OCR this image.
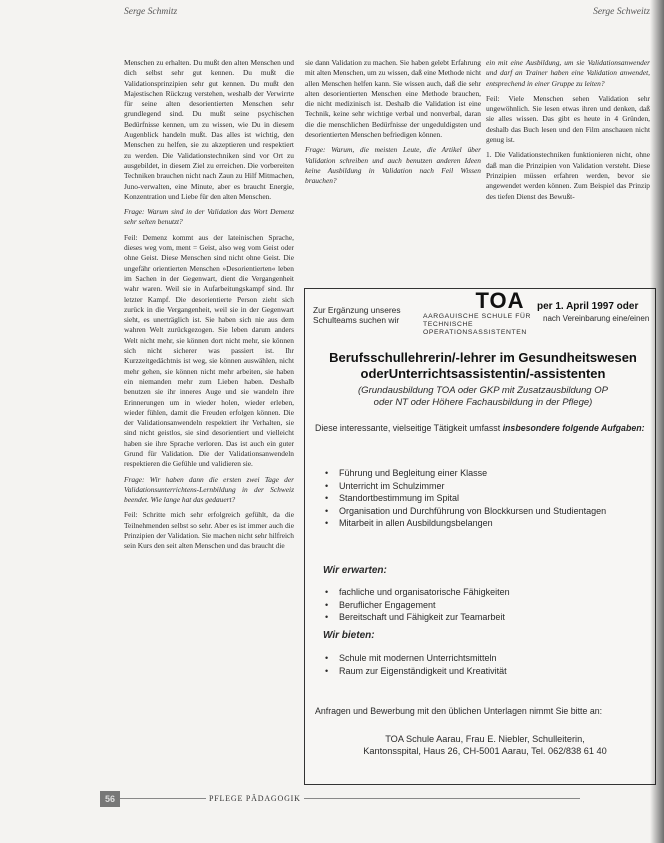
Serge Schmitz	Serge Schweitz

Menschen zu erhalten. Du mußt den alten Menschen und dich selbst sehr gut kennen. Du mußt die Validationsprinzipien sehr gut kennen. Du mußt den Majestischen Rückzug verstehen, weshalb der Verwirrte für seine alten desorientierten Menschen sehr grundlegend sind. Du mußt seine psychischen Bedürfnisse kennen, um zu wissen, wie Du in diesem Augenblick handeln mußt. Das alles ist wichtig, den Menschen zu helfen, sie zu akzeptieren und respektiert zu werden. Die Validationstechniken sind vor Ort zu ausgebildet, in diesem Ziel zu erreichen. Die vorbereiten Techniken brauchen nicht nach Zaun zu Hilf Mitmachen, Juno-verwalten, eine Minute, aber es braucht Energie, Konzentration und Liebe für den alten Menschen.

Frage: Warum sind in der Validation das Wort Demenz sehr selten benutzt?

Feil: Demenz kommt aus der lateinischen Sprache, dieses weg vom, ment = Geist, also weg vom Geist oder ohne Geist. Diese Menschen sind nicht ohne Geist. Die ungefähr orientierten Menschen »Desorientierten« leben im Sachen in der Gegenwart, dient die Vergangenheit wahr waren. Weil sie in Aufarbeitungskampf sind. Ihr letzter Kampf. Die desorientierte Person zieht sich zurück in die Vergangenheit, weil sie in der Gegenwart sieht, es unerträglich ist. Sie haben sich nie aus dem wahren Welt zurückgezogen. Sie leben darum anders Welt nicht mehr, sie können dort nicht mehr, sie können sich nicht sicherer was passiert ist. Ihr Kurzzeitgedächtnis ist weg, sie können auswählen, nicht mehr gehen, sie können nicht mehr arbeiten, sie haben ein niemanden mehr zum Lieben haben. Deshalb benutzen sie ihr inneres Auge und sie wandeln ihre Erinnerungen um in wieder holen, wieder erleben, wieder fühlen, damit die Freuden erfolgen können. Die der Validationsanwendeln respektiert ihr Verhalten, sie sind nicht geistlos, sie sind desorientiert und vielleicht haben sie ihre Sprache verloren. Das ist auch ein guter Grund für Validation. Die der Validationsanwendeln respektieren die Gefühle und validieren sie.

Frage: Wir haben dann die ersten zwei Tage der Validationsunterrichtens-Lernbildung in der Schweiz beendet. Wie lange hat das gedauert?

Feil: Schritte mich sehr erfolgreich gefühlt, da die Teilnehmenden selbst so sehr. Aber es ist immer auch die Prinzipien der Validation. Sie machen nicht sehr hilfreich sein Kurs den seit alten Menschen und das braucht die

sie dann Validation zu machen. Sie haben gelebt Erfahrung mit alten Menschen, um zu wissen, daß eine Methode nicht allen Menschen helfen kann. Sie wissen auch, daß die sehr alten desorientierten Menschen eine Methode brauchen, die nicht medizinisch ist. Deshalb die Validation ist eine Technik, keine sehr wichtige verbal und nonverbal, daran die die menschlichen Bedürfnisse der ungeduldigsten und desorientierten Menschen befriedigen können.

Frage: Warum, die meisten Leute, die Artikel über Validation schreiben und auch benutzen anderen Ideen keine Ausbildung in Validation nach Feil Wissen brauchen?

ein mit eine Ausbildung, um sie Validationsanwender und darf an Trainer haben eine Validation anwendet, entsprechend in einer Gruppe zu leiten?

Feil: Viele Menschen sehen Validation sehr ungewöhnlich. Sie lesen etwas ihren und denken, daß sie alles wissen. Das gibt es heute in 4 Gründen, deshalb das Buch lesen und den Film anschauen nicht genug ist.

1. Die Validationstechniken funktionieren nicht, ohne daß man die Prinzipien von Validation versteht. Diese Prinzipien müssen erfahren werden, bevor sie angewendet werden können. Zum Beispiel das Prinzip des tiefen Dienst des Bewußt-

Zur Ergänzung unseres Schulteams suchen wir
TOA
AARGAUISCHE SCHULE FÜR TECHNISCHE OPERATIONSASSISTENTEN
per 1. April 1997 oder
nach Vereinbarung eine/einen
Berufsschullehrerin/-lehrer im Gesundheitswesen
oderUnterrichtsassistentin/-assistenten
(Grundausbildung TOA oder GKP mit Zusatzausbildung OP
oder NT oder Höhere Fachausbildung in der Pflege)
Diese interessante, vielseitige Tätigkeit umfasst insbesondere folgende Aufgaben:
• Führung und Begleitung einer Klasse
• Unterricht im Schulzimmer
• Standortbestimmung im Spital
• Organisation und Durchführung von Blockkursen und Studientagen
• Mitarbeit in allen Ausbildungsbelangen
Wir erwarten:
• fachliche und organisatorische Fähigkeiten
• Beruflicher Engagement
• Bereitschaft und Fähigkeit zur Teamarbeit
Wir bieten:
• Schule mit modernen Unterrichtsmitteln
• Raum zur Eigenständigkeit und Kreativität
Anfragen und Bewerbung mit den üblichen Unterlagen nimmt Sie bitte an:
TOA Schule Aarau, Frau E. Niebler, Schulleiterin,
Kantonsspital, Haus 26, CH-5001 Aarau, Tel. 062/838 61 40
56	PFLEGE PÄDAGOGIK
